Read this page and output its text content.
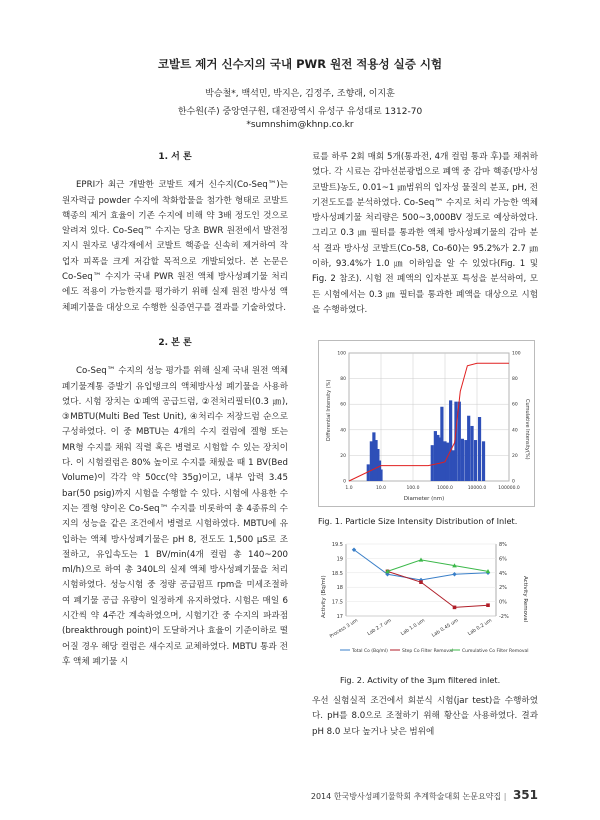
코발트 제거 신수지의 국내 PWR 원전 적용성 실증 시험
박승철*, 백석민, 박지은, 김정주, 조향래, 이지훈
한수원(주) 중앙연구원, 대전광역시 유성구 유성대로 1312-70
*sumnshim@khnp.co.kr

1. 서 론

EPRI가 최근 개발한 코발트 제거 신수지(Co-Seq™)는 원자력급 powder 수지에 착화합물을 첨가한 형태로 코발트 핵종의 제거 효율이 기존 수지에 비해 약 3배 정도인 것으로 알려져 있다. Co-Seq™ 수지는 당초 BWR 원전에서 발전정지시 원자로 냉각재에서 코발트 핵종을 신속히 제거하여 작업자 피폭을 크게 저감할 목적으로 개발되었다. 본 논문은 Co-Seq™ 수지가 국내 PWR 원전 액체 방사성폐기물 처리에도 적용이 가능한지를 평가하기 위해 실제 원전 방사성 액체폐기물을 대상으로 수행한 실증연구를 결과를 기술하였다.

2. 본 론

Co-Seq™ 수지의 성능 평가를 위해 실제 국내 원전 액체폐기물계통 증발기 유입탱크의 액체방사성 폐기물을 사용하였다. 시험 장치는 ①폐액 공급드럼, ②전처리필터(0.3 ㎛), ③MBTU(Multi Bed Test Unit), ④처리수 저장드럼 순으로 구성하였다. 이 중 MBTU는 4개의 수지 컬럼에 겔형 또는 MR형 수지를 채워 직렬 혹은 병렬로 시험할 수 있는 장치이다. 이 시험컬럼은 80% 높이로 수지를 채웠을 때 1 BV(Bed Volume)이 각각 약 50cc(약 35g)이고, 내부 압력 3.45 bar(50 psig)까지 시험을 수행할 수 있다. 시험에 사용한 수지는 겔형 양이온 Co-Seq™ 수지를 비롯하여 총 4종류의 수지의 성능을 같은 조건에서 병렬로 시험하였다. MBTU에 유입하는 액체 방사성폐기물은 pH 8, 전도도 1,500 μS로 조절하고, 유입속도는 1 BV/min(4개 컬럼 총 140~200 ml/h)으로 하여 총 340L의 실제 액체 방사성폐기물을 처리 시험하였다. 성능시험 중 정량 공급펌프 rpm을 미세조절하여 폐기물 공급 유량이 일정하게 유지하였다. 시험은 매일 6시간씩 약 4주간 계속하였으며, 시험기간 중 수지의 파과점(breakthrough point)이 도달하거나 효율이 기준이하로 떨어질 경우 해당 컬럼은 새수지로 교체하였다. MBTU 통과 전후 액체 폐기물 시

료를 하루 2회 매회 5개(통과전, 4개 컬럼 통과 후)를 채취하였다. 각 시료는 감마선분광법으로 폐액 중 감마 핵종(방사성 코발트)농도, 0.01~1 ㎛범위의 입자성 물질의 분포, pH, 전기전도도를 분석하였다. Co-Seq™ 수지로 처리 가능한 액체 방사성폐기물 처리량은 500~3,000BV 정도로 예상하였다. 그리고 0.3 ㎛ 필터를 통과한 액체 방사성폐기물의 감마 분석 결과 방사성 코발트(Co-58, Co-60)는 95.2%가 2.7 ㎛ 이하, 93.4%가 1.0 ㎛ 이하임을 알 수 있었다(Fig. 1 및 Fig. 2 참조). 시험 전 폐액의 입자분포 특성을 분석하여, 모든 시험에서는 0.3 ㎛ 필터를 통과한 폐액을 대상으로 시험을 수행하였다.

Differential Intensity (%)	Cumulative Intensity(%)
Diameter (nm)
1.0	10.0	100.0	1000.0	10000.0	100000.0
0
20
40
60
80
100
0
20
40
60
80
100
Fig. 1. Particle Size Intensity Distribution of Inlet.
Activity (Bq/ml)	Activity Removal
17
17.5
18
18.5
19
19.5
-2%
0%
2%
4%
6%
8%
Process 3 um Lab 2.7 um Lab 1.0 um Lab 0.45 um Lab 0.2 um
Total Co (Bq/ml)	Step Co Filter Removal Cumulative Co Filter Removal
Fig. 2. Activity of the 3μm filtered inlet.

우선 실험실적 조건에서 회분식 시험(jar test)을 수행하였다. pH를 8.0으로 조절하기 위해 황산을 사용하였다. 결과 pH 8.0 보다 높거나 낮은 범위에

2014 한국방사성폐기물학회 추계학술대회 논문요약집 | 351
